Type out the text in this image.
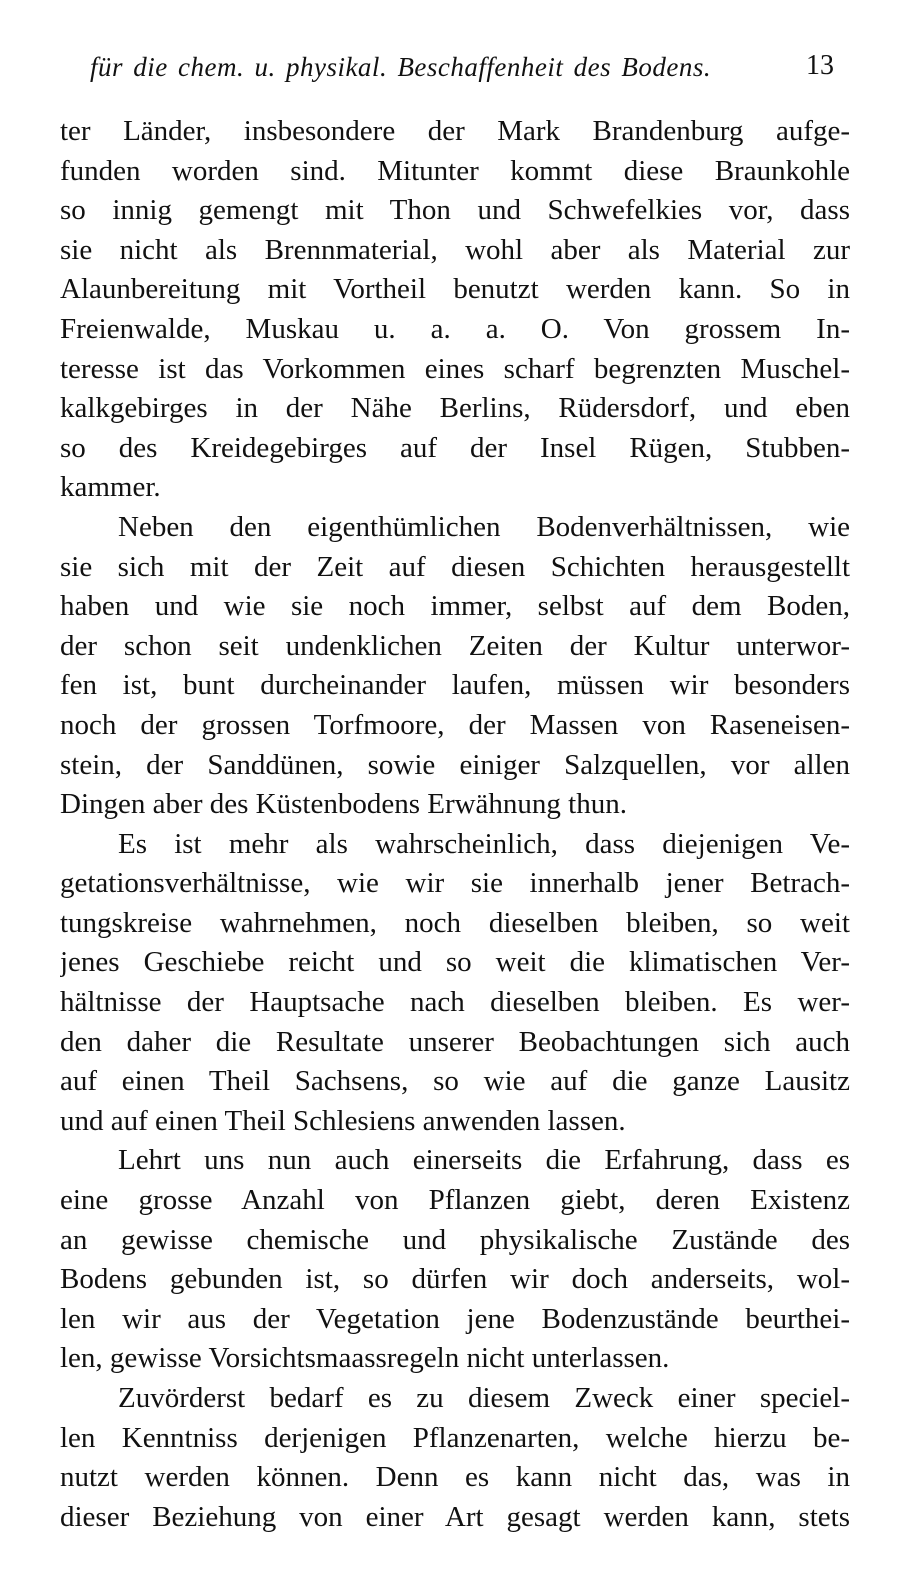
für die chem. u. physikal. Beschaffenheit des Bodens.	13
ter Länder, insbesondere der Mark Brandenburg aufge-
funden worden sind. Mitunter kommt diese Braunkohle
so innig gemengt mit Thon und Schwefelkies vor, dass
sie nicht als Brennmaterial, wohl aber als Material zur
Alaunbereitung mit Vortheil benutzt werden kann. So in
Freienwalde, Muskau u. a. a. O. Von grossem In-
teresse ist das Vorkommen eines scharf begrenzten Muschel-
kalkgebirges in der Nähe Berlins, Rüdersdorf, und eben
so des Kreidegebirges auf der Insel Rügen, Stubben-
kammer.
Neben den eigenthümlichen Bodenverhältnissen, wie
sie sich mit der Zeit auf diesen Schichten herausgestellt
haben und wie sie noch immer, selbst auf dem Boden,
der schon seit undenklichen Zeiten der Kultur unterwor-
fen ist, bunt durcheinander laufen, müssen wir besonders
noch der grossen Torfmoore, der Massen von Raseneisen-
stein, der Sanddünen, sowie einiger Salzquellen, vor allen
Dingen aber des Küstenbodens Erwähnung thun.
Es ist mehr als wahrscheinlich, dass diejenigen Ve-
getationsverhältnisse, wie wir sie innerhalb jener Betrach-
tungskreise wahrnehmen, noch dieselben bleiben, so weit
jenes Geschiebe reicht und so weit die klimatischen Ver-
hältnisse der Hauptsache nach dieselben bleiben. Es wer-
den daher die Resultate unserer Beobachtungen sich auch
auf einen Theil Sachsens, so wie auf die ganze Lausitz
und auf einen Theil Schlesiens anwenden lassen.
Lehrt uns nun auch einerseits die Erfahrung, dass es
eine grosse Anzahl von Pflanzen giebt, deren Existenz
an gewisse chemische und physikalische Zustände des
Bodens gebunden ist, so dürfen wir doch anderseits, wol-
len wir aus der Vegetation jene Bodenzustände beurthei-
len, gewisse Vorsichtsmaassregeln nicht unterlassen.
Zuvörderst bedarf es zu diesem Zweck einer speciel-
len Kenntniss derjenigen Pflanzenarten, welche hierzu be-
nutzt werden können. Denn es kann nicht das, was in
dieser Beziehung von einer Art gesagt werden kann, stets
